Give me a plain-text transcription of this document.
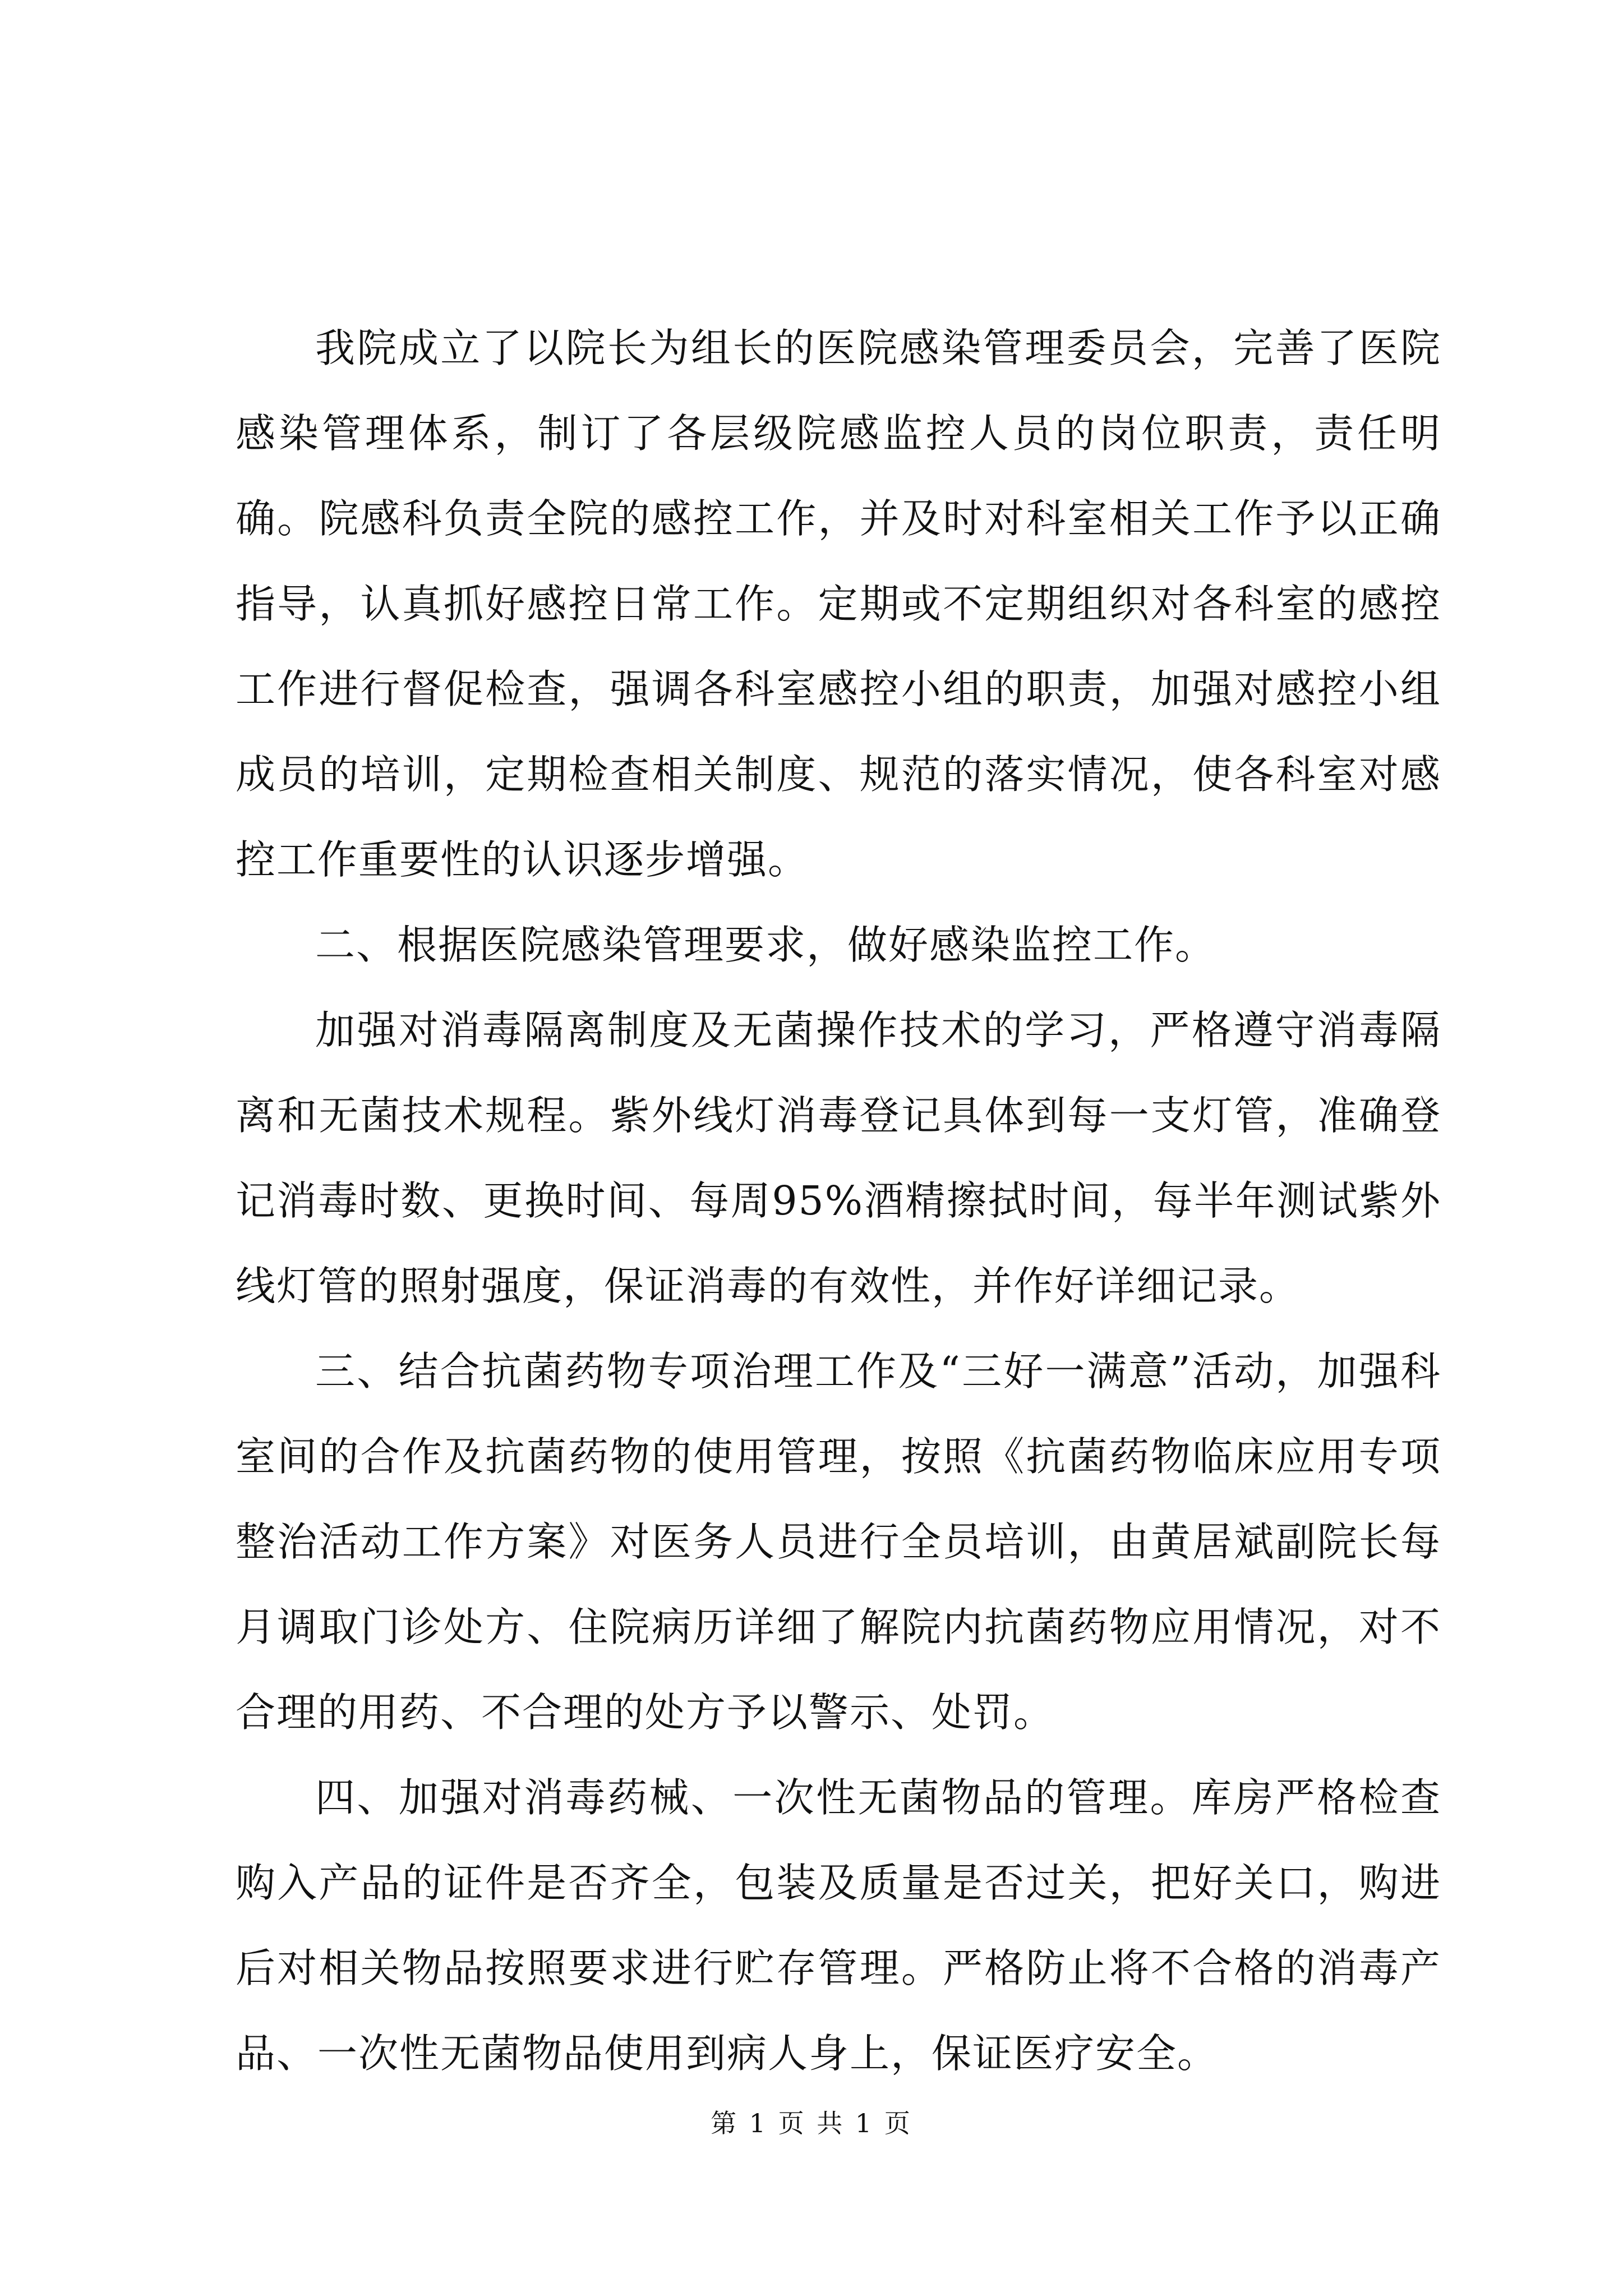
我院成立了以院长为组长的医院感染管理委员会，完善了医院感染管理体系，制订了各层级院感监控人员的岗位职责，责任明确。院感科负责全院的感控工作，并及时对科室相关工作予以正确指导，认真抓好感控日常工作。定期或不定期组织对各科室的感控工作进行督促检查，强调各科室感控小组的职责，加强对感控小组成员的培训，定期检查相关制度、规范的落实情况，使各科室对感控工作重要性的认识逐步增强。

二、根据医院感染管理要求，做好感染监控工作。

加强对消毒隔离制度及无菌操作技术的学习，严格遵守消毒隔离和无菌技术规程。紫外线灯消毒登记具体到每一支灯管，准确登记消毒时数、更换时间、每周95%酒精擦拭时间，每半年测试紫外线灯管的照射强度，保证消毒的有效性，并作好详细记录。

三、结合抗菌药物专项治理工作及“三好一满意”活动，加强科室间的合作及抗菌药物的使用管理，按照《抗菌药物临床应用专项整治活动工作方案》对医务人员进行全员培训，由黄居斌副院长每月调取门诊处方、住院病历详细了解院内抗菌药物应用情况，对不合理的用药、不合理的处方予以警示、处罚。

四、加强对消毒药械、一次性无菌物品的管理。库房严格检查购入产品的证件是否齐全，包装及质量是否过关，把好关口，购进后对相关物品按照要求进行贮存管理。严格防止将不合格的消毒产品、一次性无菌物品使用到病人身上，保证医疗安全。

第 1 页 共 1 页
